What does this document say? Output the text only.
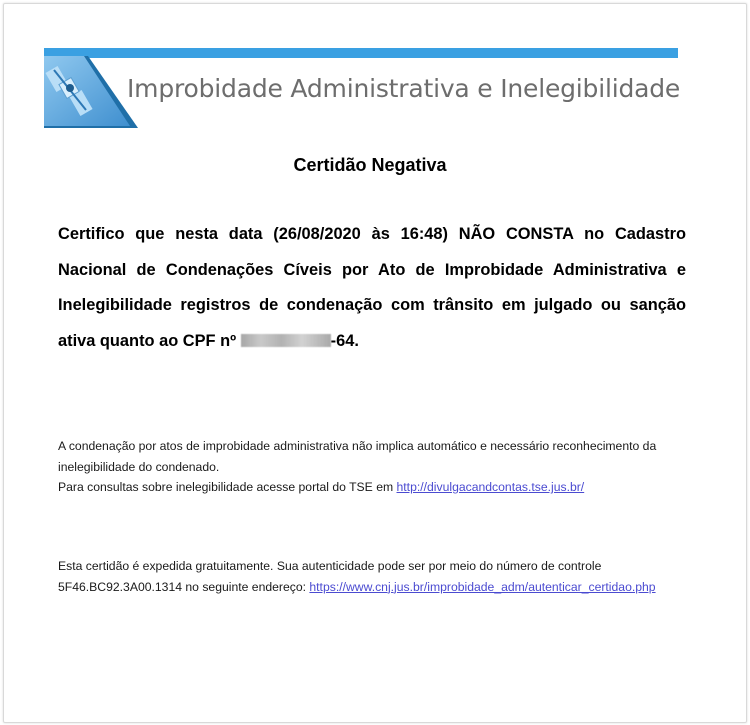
Improbidade Administrativa e Inelegibilidade
Certidão Negativa
Certifico que nesta data (26/08/2020 às 16:48) NÃO CONSTA no Cadastro Nacional de Condenações Cíveis por Ato de Improbidade Administrativa e Inelegibilidade registros de condenação com trânsito em julgado ou sanção ativa quanto ao CPF nº	-64.
A condenação por atos de improbidade administrativa não implica automático e necessário reconhecimento da inelegibilidade do condenado.
Para consultas sobre inelegibilidade acesse portal do TSE em http://divulgacandcontas.tse.jus.br/
Esta certidão é expedida gratuitamente. Sua autenticidade pode ser por meio do número de controle 5F46.BC92.3A00.1314 no seguinte endereço: https://www.cnj.jus.br/improbidade_adm/autenticar_certidao.php
